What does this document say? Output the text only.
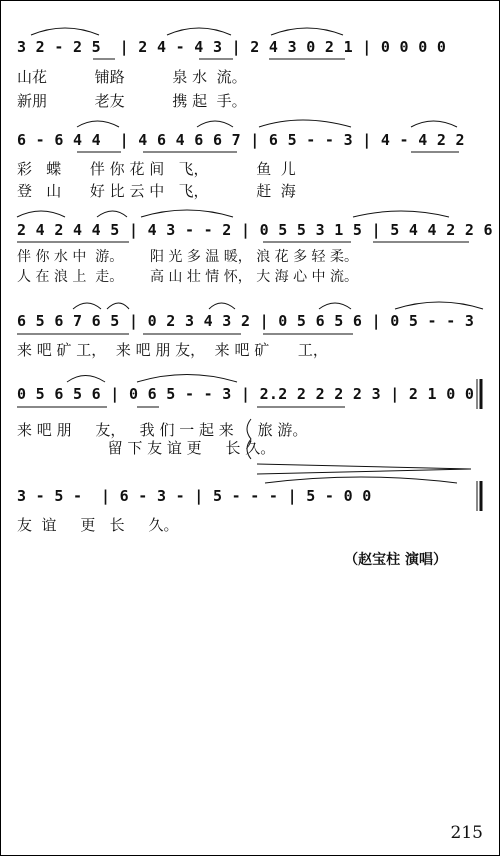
3 2 - 2 5  | 2 4 - 4 3 | 2 4 3 0 2 1 | 0 0 0 0
山花          铺路          泉 水  流。
新朋          老友          携 起  手。
6 - 6 4 4  | 4 6 4 6 6 7 | 6 5 - - 3 | 4 - 4 2 2
彩   蝶      伴 你 花 间   飞，          鱼  儿
登   山      好 比 云 中   飞，          赶  海
2 4 2 4 4 5 | 4 3 - - 2 | 0 5 5 3 1 5 | 5 4 4 2 2 6
伴 你 水 中  游。      阳 光 多 温 暖， 浪 花 多 轻 柔。
人 在 浪 上  走。      高 山 壮 情 怀， 大 海 心 中 流。
6 5 6 7 6 5 | 0 2 3 4 3 2 | 0 5 6 5 6 | 0 5 - - 3
来 吧 矿 工，  来 吧 朋 友，  来 吧 矿      工，
0 5 6 5 6 | 0 6 5 - - 3 | 2.2 2 2 2 2 3 | 2 1 0 0
来 吧 朋     友，   我 们 一 起 来     旅 游。
留 下 友 谊 更     长 久。
3 - 5 -  | 6 - 3 - | 5 - - - | 5 - 0 0
友  谊     更   长     久。
（赵宝柱 演唱）
215
